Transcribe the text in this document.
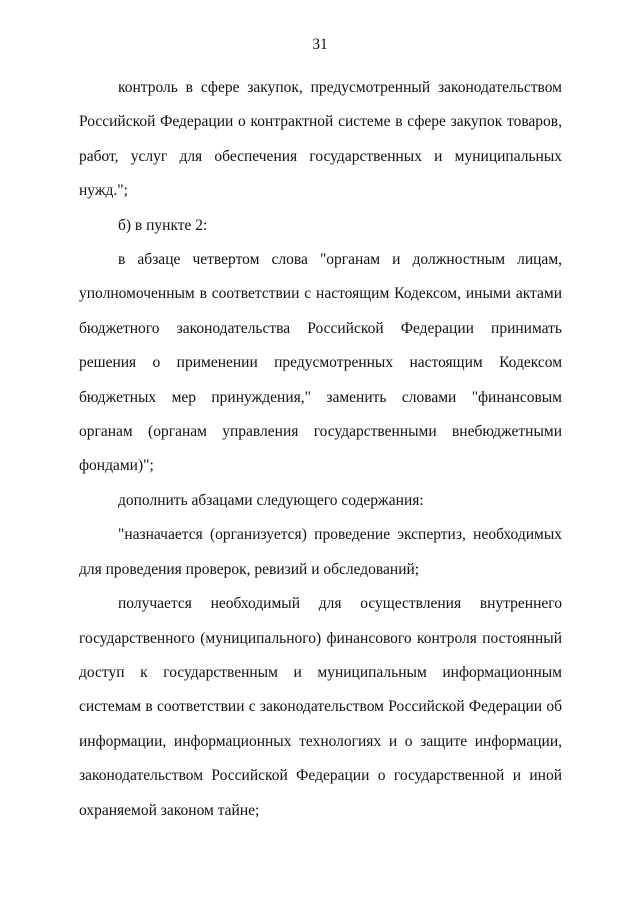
31

контроль в сфере закупок, предусмотренный законодательством Российской Федерации о контрактной системе в сфере закупок товаров, работ, услуг для обеспечения государственных и муниципальных нужд.";

б) в пункте 2:

в абзаце четвертом слова "органам и должностным лицам, уполномоченным в соответствии с настоящим Кодексом, иными актами бюджетного законодательства Российской Федерации принимать решения о применении предусмотренных настоящим Кодексом бюджетных мер принуждения," заменить словами "финансовым органам (органам управления государственными внебюджетными фондами)";

дополнить абзацами следующего содержания:

"назначается (организуется) проведение экспертиз, необходимых для проведения проверок, ревизий и обследований;

получается необходимый для осуществления внутреннего государственного (муниципального) финансового контроля постоянный доступ к государственным и муниципальным информационным системам в соответствии с законодательством Российской Федерации об информации, информационных технологиях и о защите информации, законодательством Российской Федерации о государственной и иной охраняемой законом тайне;
